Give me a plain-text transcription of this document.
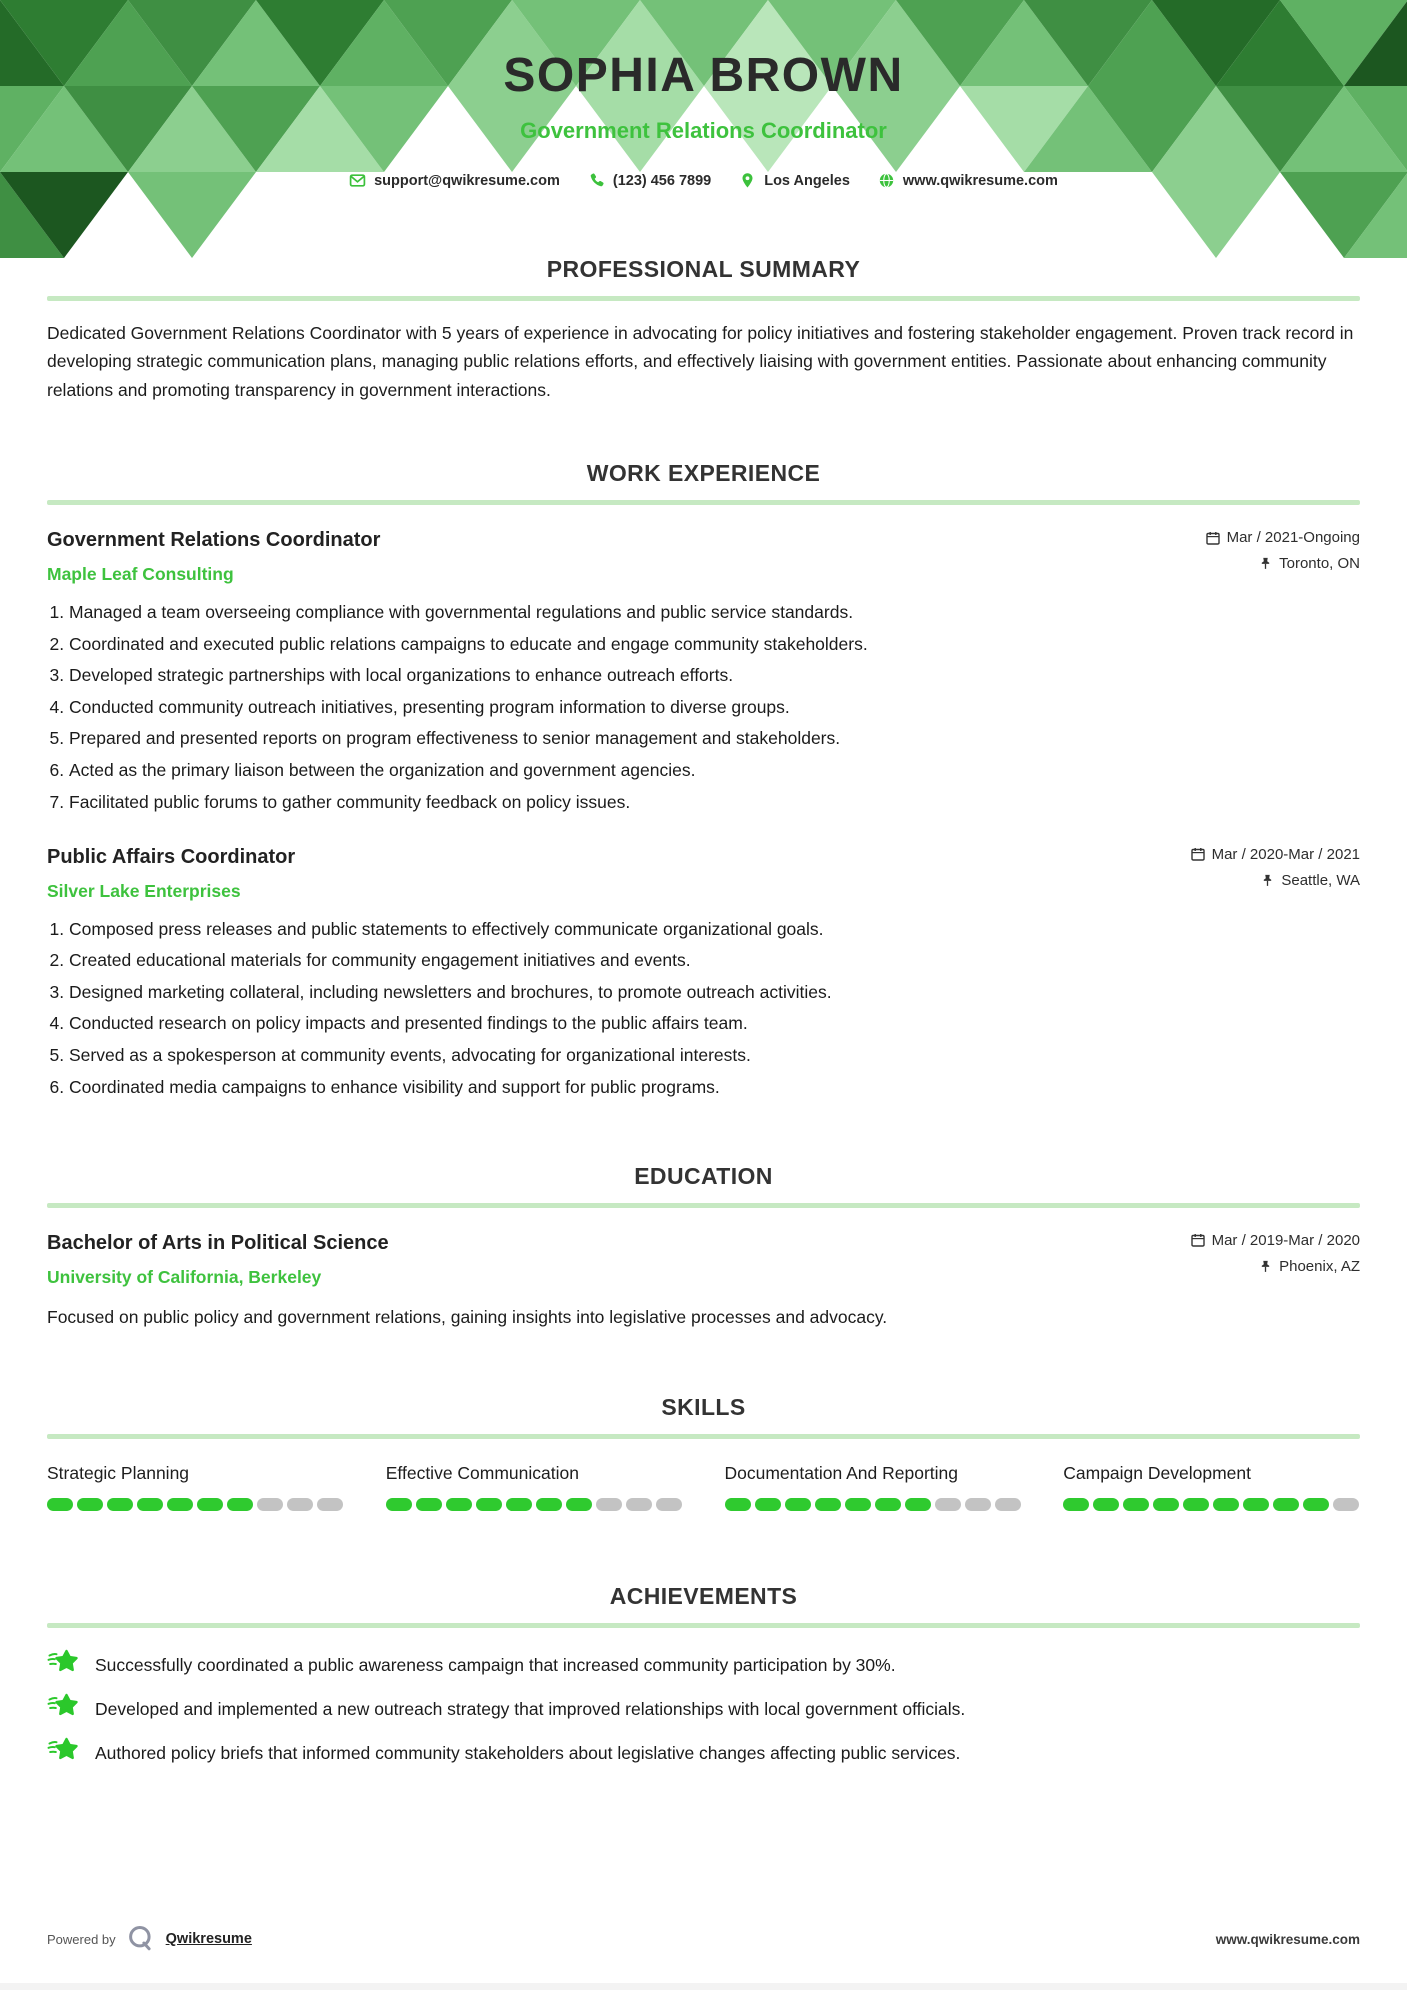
SOPHIA BROWN
Government Relations Coordinator
support@qwikresume.com	(123) 456 7899	Los Angeles	www.qwikresume.com
PROFESSIONAL SUMMARY

Dedicated Government Relations Coordinator with 5 years of experience in advocating for policy initiatives and fostering stakeholder engagement. Proven track record in developing strategic communication plans, managing public relations efforts, and effectively liaising with government entities. Passionate about enhancing community relations and promoting transparency in government interactions.

WORK EXPERIENCE
Government Relations Coordinator
Maple Leaf Consulting
Mar / 2021-Ongoing
Toronto, ON
1. Managed a team overseeing compliance with governmental regulations and public service standards.
2. Coordinated and executed public relations campaigns to educate and engage community stakeholders.
3. Developed strategic partnerships with local organizations to enhance outreach efforts.
4. Conducted community outreach initiatives, presenting program information to diverse groups.
5. Prepared and presented reports on program effectiveness to senior management and stakeholders.
6. Acted as the primary liaison between the organization and government agencies.
7. Facilitated public forums to gather community feedback on policy issues.
Public Affairs Coordinator
Silver Lake Enterprises
Mar / 2020-Mar / 2021
Seattle, WA
1. Composed press releases and public statements to effectively communicate organizational goals.
2. Created educational materials for community engagement initiatives and events.
3. Designed marketing collateral, including newsletters and brochures, to promote outreach activities.
4. Conducted research on policy impacts and presented findings to the public affairs team.
5. Served as a spokesperson at community events, advocating for organizational interests.
6. Coordinated media campaigns to enhance visibility and support for public programs.
EDUCATION
Bachelor of Arts in Political Science
University of California, Berkeley
Mar / 2019-Mar / 2020
Phoenix, AZ

Focused on public policy and government relations, gaining insights into legislative processes and advocacy.

SKILLS
Strategic Planning	Effective Communication	Documentation And Reporting	Campaign Development
ACHIEVEMENTS
Successfully coordinated a public awareness campaign that increased community participation by 30%.
Developed and implemented a new outreach strategy that improved relationships with local government officials.
Authored policy briefs that informed community stakeholders about legislative changes affecting public services.
Powered by	Qwikresume	www.qwikresume.com
